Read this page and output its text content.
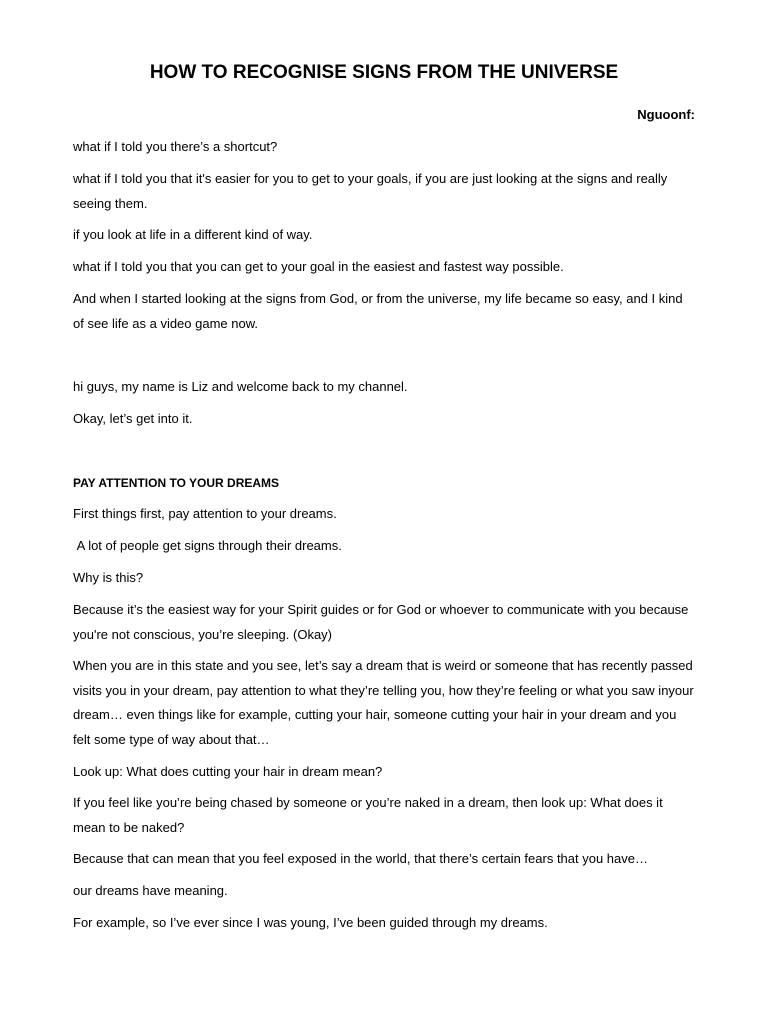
HOW TO RECOGNISE SIGNS FROM THE UNIVERSE
Nguoonf:
what if I told you there’s a shortcut?
what if I told you that it's easier for you to get to your goals, if you are just looking at the signs and really seeing them.
if you look at life in a different kind of way.
what if I told you that you can get to your goal in the easiest and fastest way possible.
And when I started looking at the signs from God, or from the universe, my life became so easy, and I kind of see life as a video game now.
hi guys, my name is Liz and welcome back to my channel.
Okay, let’s get into it.
PAY ATTENTION TO YOUR DREAMS
First things first, pay attention to your dreams.
A lot of people get signs through their dreams.
Why is this?
Because it’s the easiest way for your Spirit guides or for God or whoever to communicate with you because you're not conscious, you’re sleeping. (Okay)
When you are in this state and you see, let’s say a dream that is weird or someone that has recently passed visits you in your dream, pay attention to what they’re telling you, how they’re feeling or what you saw inyour dream… even things like for example, cutting your hair, someone cutting your hair in your dream and you felt some type of way about that…
Look up: What does cutting your hair in dream mean?
If you feel like you’re being chased by someone or you’re naked in a dream, then look up: What does it mean to be naked?
Because that can mean that you feel exposed in the world, that there’s certain fears that you have…
our dreams have meaning.
For example, so I’ve ever since I was young, I’ve been guided through my dreams.
